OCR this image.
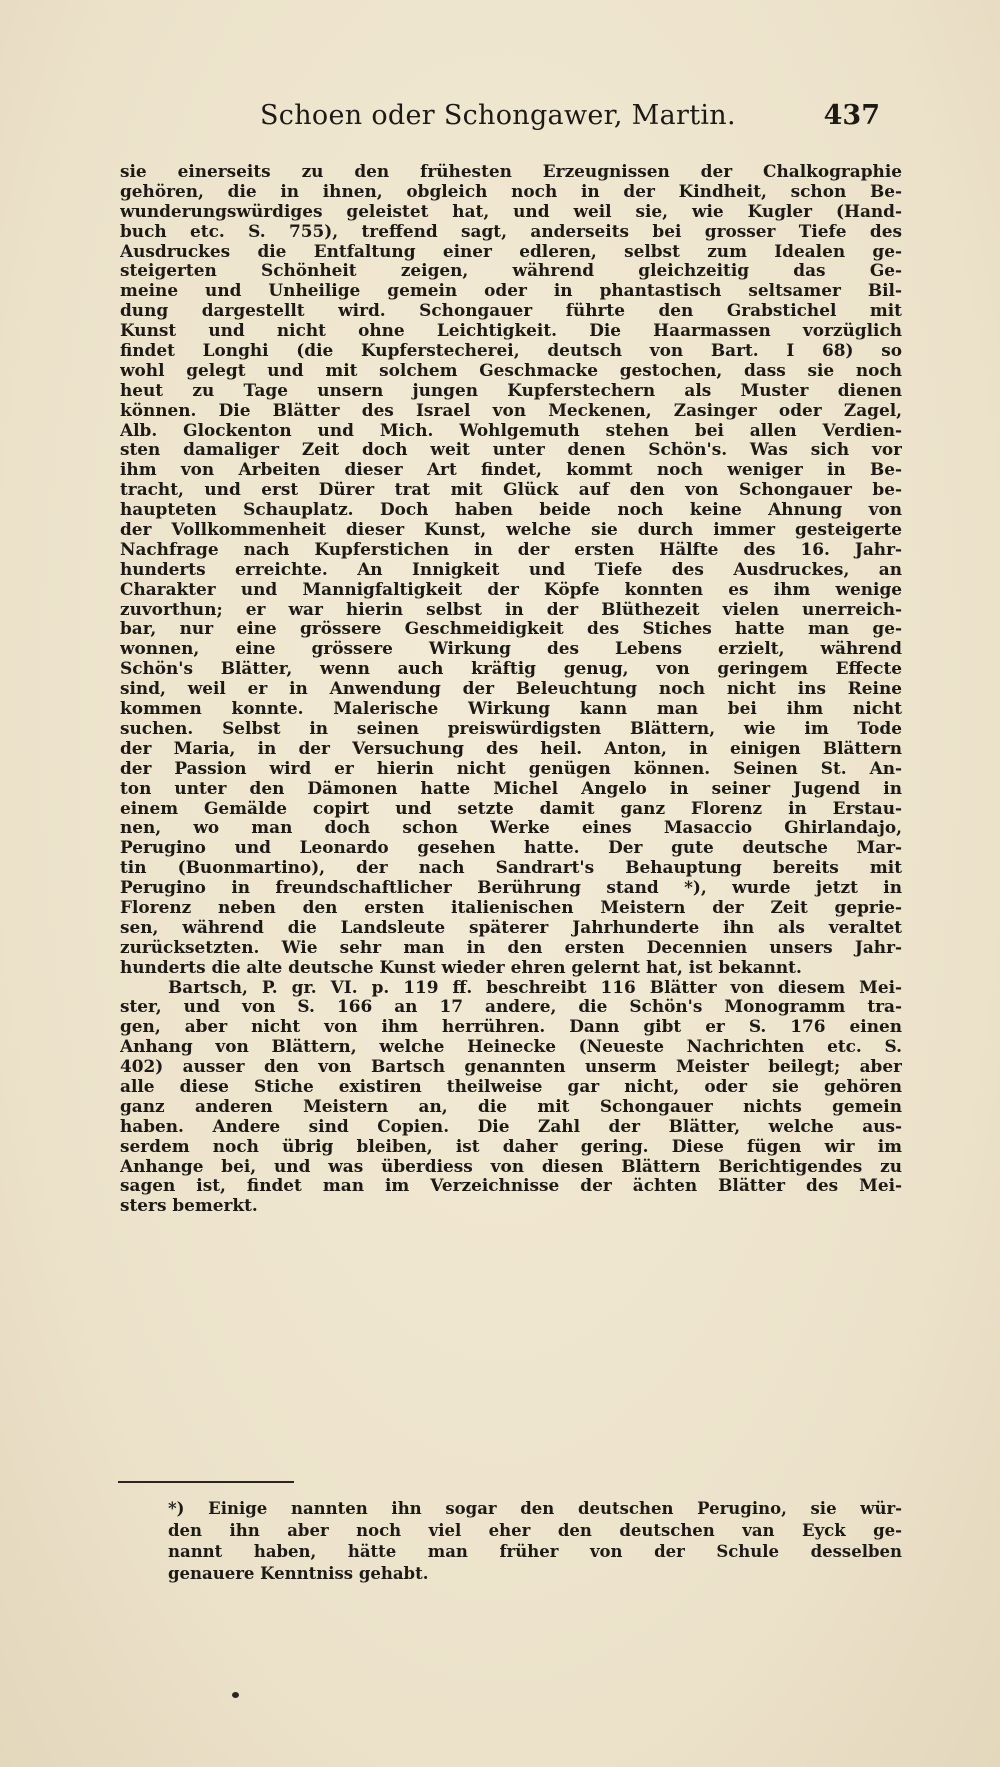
Schoen oder Schongawer, Martin.	437
sie einerseits zu den frühesten Erzeugnissen der Chalkographie
gehören, die in ihnen, obgleich noch in der Kindheit, schon Be-
wunderungswürdiges geleistet hat, und weil sie, wie Kugler (Hand-
buch etc. S. 755), treffend sagt, anderseits bei grosser Tiefe des
Ausdruckes die Entfaltung einer edleren, selbst zum Idealen ge-
steigerten Schönheit zeigen, während gleichzeitig das Ge-
meine und Unheilige gemein oder in phantastisch seltsamer Bil-
dung dargestellt wird. Schongauer führte den Grabstichel mit
Kunst und nicht ohne Leichtigkeit. Die Haarmassen vorzüglich
findet Longhi (die Kupferstecherei, deutsch von Bart. I 68) so
wohl gelegt und mit solchem Geschmacke gestochen, dass sie noch
heut zu Tage unsern jungen Kupferstechern als Muster dienen
können. Die Blätter des Israel von Meckenen, Zasinger oder Zagel,
Alb. Glockenton und Mich. Wohlgemuth stehen bei allen Verdien-
sten damaliger Zeit doch weit unter denen Schön's. Was sich vor
ihm von Arbeiten dieser Art findet, kommt noch weniger in Be-
tracht, und erst Dürer trat mit Glück auf den von Schongauer be-
haupteten Schauplatz. Doch haben beide noch keine Ahnung von
der Vollkommenheit dieser Kunst, welche sie durch immer gesteigerte
Nachfrage nach Kupferstichen in der ersten Hälfte des 16. Jahr-
hunderts erreichte. An Innigkeit und Tiefe des Ausdruckes, an
Charakter und Mannigfaltigkeit der Köpfe konnten es ihm wenige
zuvorthun; er war hierin selbst in der Blüthezeit vielen unerreich-
bar, nur eine grössere Geschmeidigkeit des Stiches hatte man ge-
wonnen, eine grössere Wirkung des Lebens erzielt, während
Schön's Blätter, wenn auch kräftig genug, von geringem Effecte
sind, weil er in Anwendung der Beleuchtung noch nicht ins Reine
kommen konnte. Malerische Wirkung kann man bei ihm nicht
suchen. Selbst in seinen preiswürdigsten Blättern, wie im Tode
der Maria, in der Versuchung des heil. Anton, in einigen Blättern
der Passion wird er hierin nicht genügen können. Seinen St. An-
ton unter den Dämonen hatte Michel Angelo in seiner Jugend in
einem Gemälde copirt und setzte damit ganz Florenz in Erstau-
nen, wo man doch schon Werke eines Masaccio Ghirlandajo,
Perugino und Leonardo gesehen hatte. Der gute deutsche Mar-
tin (Buonmartino), der nach Sandrart's Behauptung bereits mit
Perugino in freundschaftlicher Berührung stand *), wurde jetzt in
Florenz neben den ersten italienischen Meistern der Zeit geprie-
sen, während die Landsleute späterer Jahrhunderte ihn als veraltet
zurücksetzten. Wie sehr man in den ersten Decennien unsers Jahr-
hunderts die alte deutsche Kunst wieder ehren gelernt hat, ist bekannt.
Bartsch, P. gr. VI. p. 119 ff. beschreibt 116 Blätter von diesem Mei-
ster, und von S. 166 an 17 andere, die Schön's Monogramm tra-
gen, aber nicht von ihm herrühren. Dann gibt er S. 176 einen
Anhang von Blättern, welche Heinecke (Neueste Nachrichten etc. S.
402) ausser den von Bartsch genannten unserm Meister beilegt; aber
alle diese Stiche existiren theilweise gar nicht, oder sie gehören
ganz anderen Meistern an, die mit Schongauer nichts gemein
haben. Andere sind Copien. Die Zahl der Blätter, welche aus-
serdem noch übrig bleiben, ist daher gering. Diese fügen wir im
Anhange bei, und was überdiess von diesen Blättern Berichtigendes zu
sagen ist, findet man im Verzeichnisse der ächten Blätter des Mei-
sters bemerkt.
*) Einige nannten ihn sogar den deutschen Perugino, sie wür-
den ihn aber noch viel eher den deutschen van Eyck ge-
nannt haben, hätte man früher von der Schule desselben
genauere Kenntniss gehabt.
